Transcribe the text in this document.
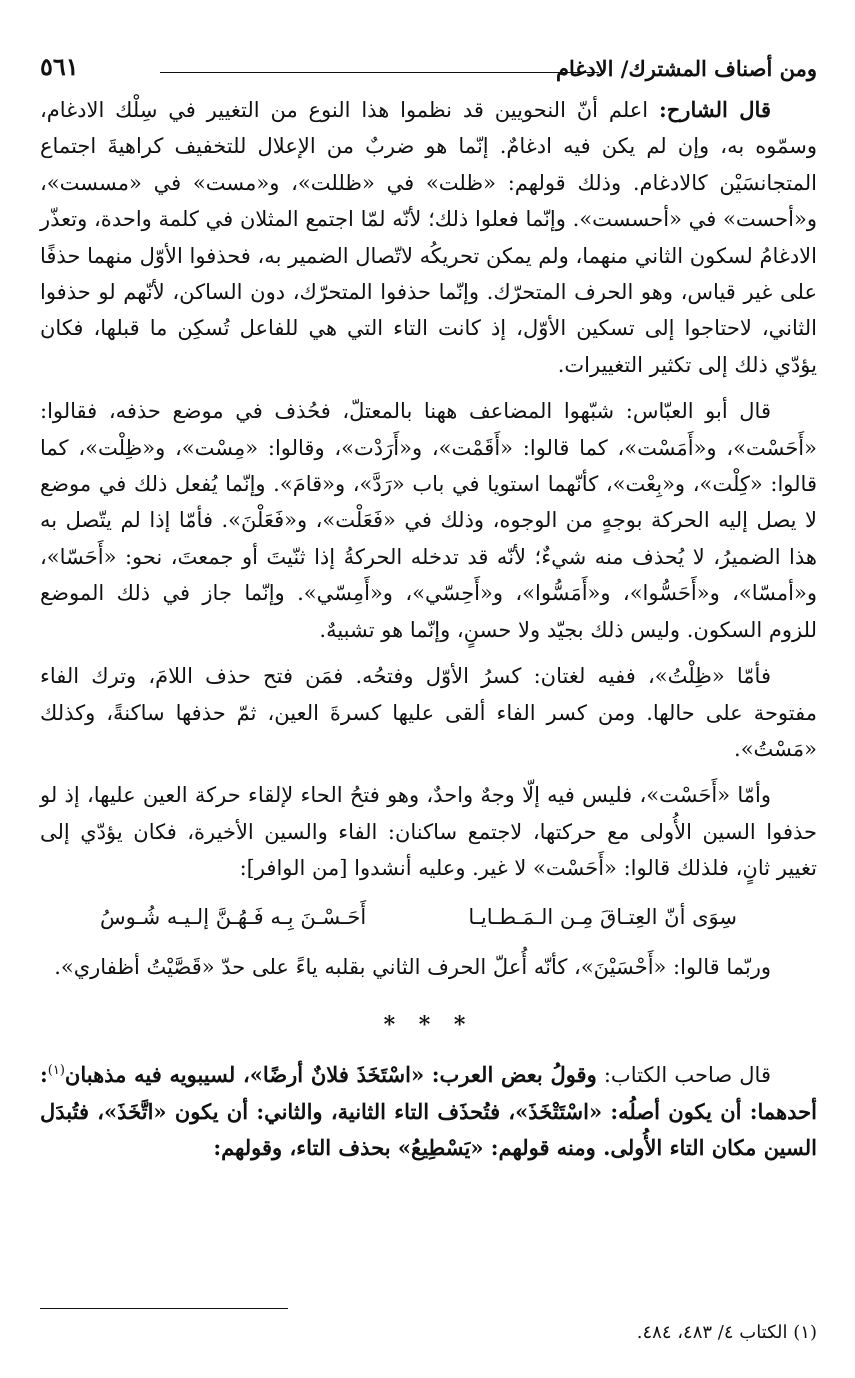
ومن أصناف المشترك/ الادغام
٥٦١

قال الشارح: اعلم أنّ النحويين قد نظموا هذا النوع من التغيير في سِلْك الادغام، وسمّوه به، وإن لم يكن فيه ادغامٌ. إنّما هو ضربٌ من الإعلال للتخفيف كراهيةَ اجتماع المتجانسَيْن كالادغام. وذلك قولهم: «ظلت» في «ظللت»، و«مست» في «مسست»، و«أحست» في «أحسست». وإنّما فعلوا ذلك؛ لأنّه لمّا اجتمع المثلان في كلمة واحدة، وتعذّر الادغامُ لسكون الثاني منهما، ولم يمكن تحريكُه لاتّصال الضمير به، فحذفوا الأوّل منهما حذفًا على غير قياس، وهو الحرف المتحرّك. وإنّما حذفوا المتحرّك، دون الساكن، لأنّهم لو حذفوا الثاني، لاحتاجوا إلى تسكين الأوّل، إذ كانت التاء التي هي للفاعل تُسكِن ما قبلها، فكان يؤدّي ذلك إلى تكثير التغييرات.

قال أبو العبّاس: شبّهوا المضاعف ههنا بالمعتلّ، فحُذف في موضع حذفه، فقالوا: «أَحَسْت»، و«أَمَسْت»، كما قالوا: «أَقَمْت»، و«أَرَدْت»، وقالوا: «مِسْت»، و«ظِلْت»، كما قالوا: «كِلْت»، و«بِعْت»، كأنّهما استويا في باب «رَدَّ»، و«قامَ». وإنّما يُفعل ذلك في موضع لا يصل إليه الحركة بوجهٍ من الوجوه، وذلك في «فَعَلْت»، و«فَعَلْنَ». فأمّا إذا لم يتّصل به هذا الضميرُ، لا يُحذف منه شيءٌ؛ لأنّه قد تدخله الحركةُ إذا ثنّيتَ أو جمعتَ، نحو: «أَحَسّا»، و«أمسّا»، و«أَحَسُّوا»، و«أَمَسُّوا»، و«أَحِسّي»، و«أَمِسّي». وإنّما جاز في ذلك الموضع للزوم السكون. وليس ذلك بجيّد ولا حسنٍ، وإنّما هو تشبيهٌ.

فأمّا «ظِلْتُ»، ففيه لغتان: كسرُ الأوّل وفتحُه. فمَن فتح حذف اللامَ، وترك الفاء مفتوحة على حالها. ومن كسر الفاء ألقى عليها كسرةَ العين، ثمّ حذفها ساكنةً، وكذلك «مَسْتُ».

وأمّا «أَحَسْت»، فليس فيه إلّا وجهٌ واحدٌ، وهو فتحُ الحاء لإلقاء حركة العين عليها، إذ لو حذفوا السين الأُولى مع حركتها، لاجتمع ساكنان: الفاء والسين الأخيرة، فكان يؤدّي إلى تغيير ثانٍ، فلذلك قالوا: «أَحَسْت» لا غير. وعليه أنشدوا [من الوافر]:

سِوَى أنّ العِتـاقَ مِـن الـمَـطـايـا
أَحَـسْـنَ بِـه فَـهُـنَّ إلـيـه شُـوسُ

وربّما قالوا: «أَحْسَيْنَ»، كأنّه أُعلّ الحرف الثاني بقلبه ياءً على حدّ «قَصَّيْتُ أظفاري».

* * *

قال صاحب الكتاب: وقولُ بعض العرب: «اسْتَخَذَ فلانٌ أرضًا»، لسيبويه فيه مذهبان$^{(١)}$: أحدهما: أن يكون أصلُه: «اسْتَتْخَذَ»، فتُحذَف التاء الثانية، والثاني: أن يكون «اتَّخَذَ»، فتُبدَل السين مكان التاء الأُولى. ومنه قولهم: «يَسْطِيعُ» بحذف التاء، وقولهم:

(١) الكتاب ٤/ ٤٨٣، ٤٨٤.
